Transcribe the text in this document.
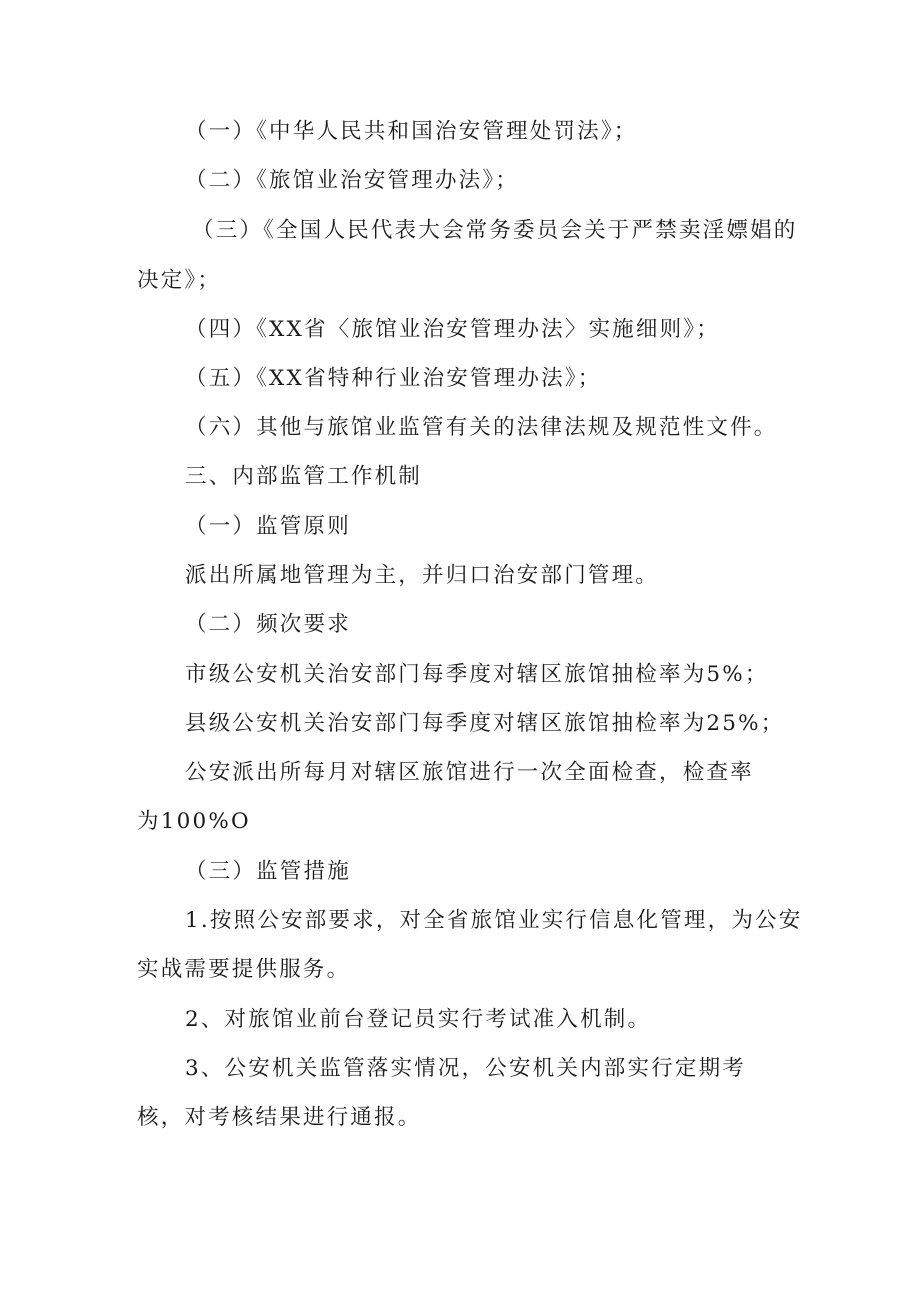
（一）《中华人民共和国治安管理处罚法》；
（二）《旅馆业治安管理办法》；
（三）《全国人民代表大会常务委员会关于严禁卖淫嫖娼的
决定》；
（四）《XX省〈旅馆业治安管理办法〉实施细则》；
（五）《XX省特种行业治安管理办法》；
（六）其他与旅馆业监管有关的法律法规及规范性文件。
三、内部监管工作机制
（一）监管原则
派出所属地管理为主，并归口治安部门管理。
（二）频次要求
市级公安机关治安部门每季度对辖区旅馆抽检率为5%；
县级公安机关治安部门每季度对辖区旅馆抽检率为25%；
公安派出所每月对辖区旅馆进行一次全面检查，检查率
为100%O
（三）监管措施
1.按照公安部要求，对全省旅馆业实行信息化管理，为公安
实战需要提供服务。
2、对旅馆业前台登记员实行考试准入机制。
3、公安机关监管落实情况，公安机关内部实行定期考
核，对考核结果进行通报。
